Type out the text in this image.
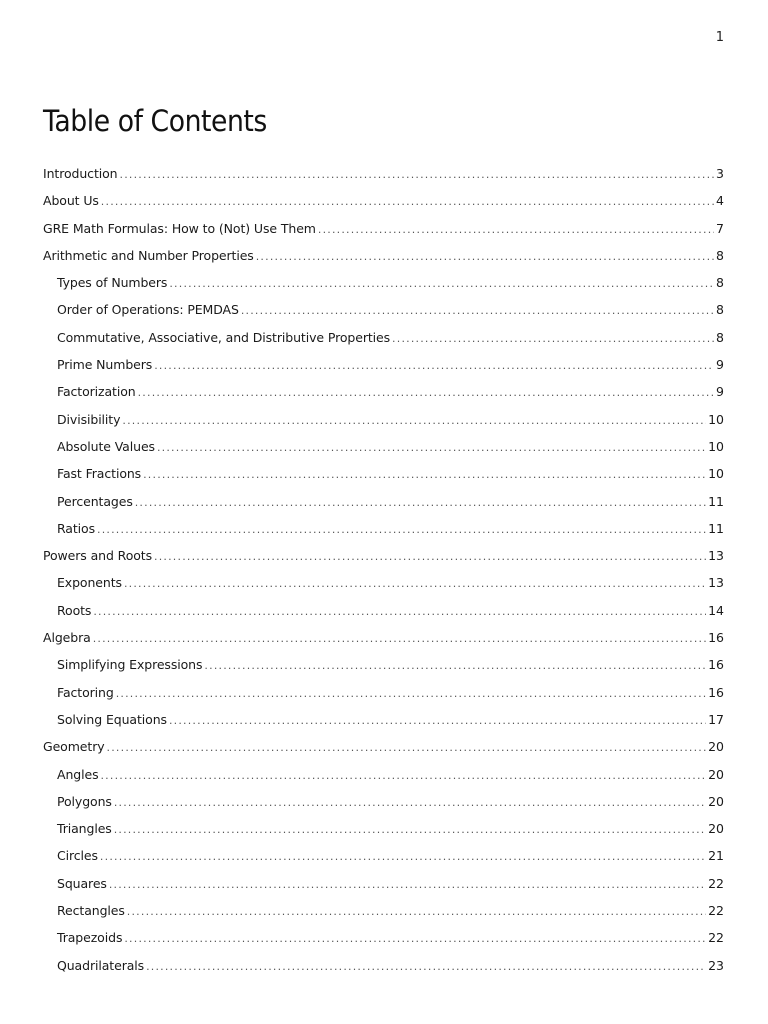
1
Table of Contents
Introduction .....	3
About Us .....	4
GRE Math Formulas: How to (Not) Use Them .....	7
Arithmetic and Number Properties .....	8
Types of Numbers .....	8
Order of Operations: PEMDAS .....	8
Commutative, Associative, and Distributive Properties .....	8
Prime Numbers .....	9
Factorization .....	9
Divisibility .....	10
Absolute Values .....	10
Fast Fractions .....	10
Percentages .....	11
Ratios .....	11
Powers and Roots .....	13
Exponents .....	13
Roots .....	14
Algebra .....	16
Simplifying Expressions .....	16
Factoring .....	16
Solving Equations .....	17
Geometry .....	20
Angles .....	20
Polygons .....	20
Triangles .....	20
Circles .....	21
Squares .....	22
Rectangles .....	22
Trapezoids .....	22
Quadrilaterals .....	23
